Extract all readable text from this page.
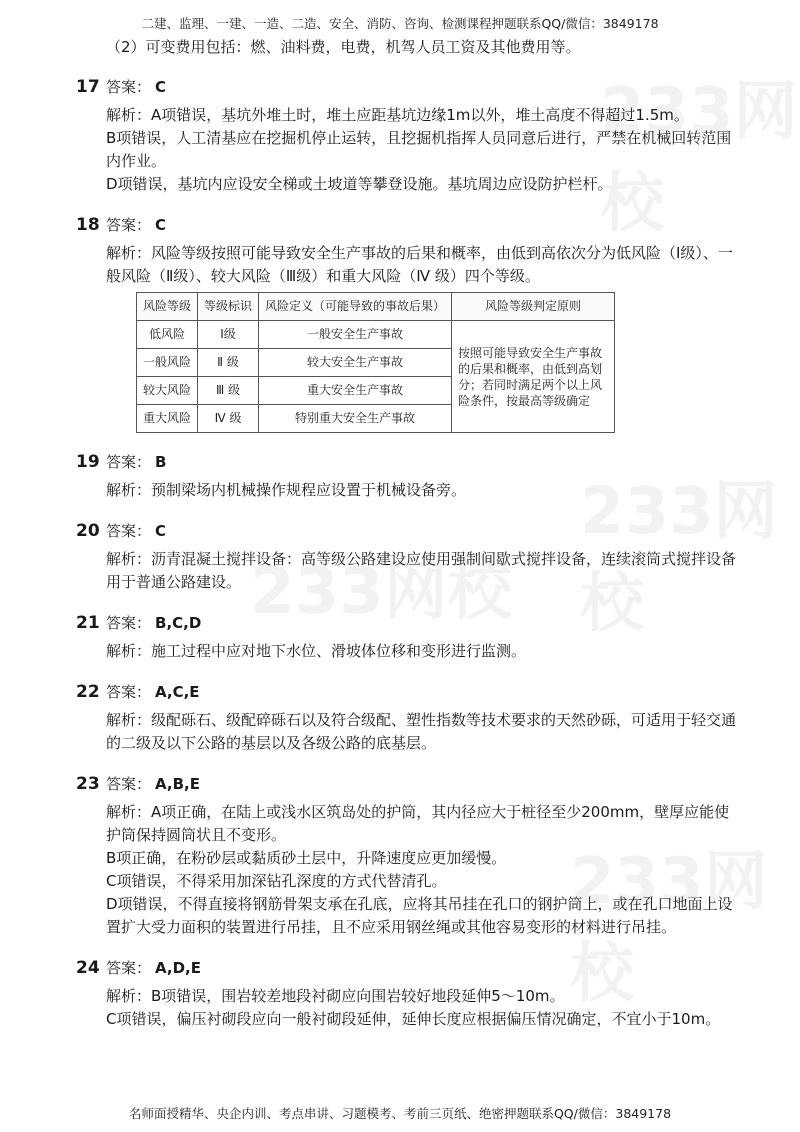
233网校
233网校
233网校
233网校
二建、监理、一建、一造、二造、安全、消防、咨询、检测课程押题联系QQ/微信：3849178

（2）可变费用包括：燃、油料费，电费，机驾人员工资及其他费用等。

17 答案： C

解析：A项错误，基坑外堆土时，堆土应距基坑边缘1m以外，堆土高度不得超过1.5m。

B项错误，人工清基应在挖掘机停止运转，且挖掘机指挥人员同意后进行，严禁在机械回转范围内作业。

D项错误，基坑内应设安全梯或土坡道等攀登设施。基坑周边应设防护栏杆。

18 答案： C

解析：风险等级按照可能导致安全生产事故的后果和概率，由低到高依次分为低风险（Ⅰ级）、一般风险（Ⅱ级）、较大风险（Ⅲ级）和重大风险（Ⅳ 级）四个等级。

风险等级	等级标识	风险定义（可能导致的事故后果）	风险等级判定原则
低风险	Ⅰ级	一般安全生产事故	按照可能导致安全生产事故的后果和概率，由低到高划分；若同时满足两个以上风险条件，按最高等级确定
一般风险	Ⅱ 级	较大安全生产事故	
较大风险	Ⅲ 级	重大安全生产事故	
重大风险	Ⅳ 级	特别重大安全生产事故	
19 答案： B

解析：预制梁场内机械操作规程应设置于机械设备旁。

20 答案： C

解析：沥青混凝土搅拌设备：高等级公路建设应使用强制间歇式搅拌设备，连续滚筒式搅拌设备用于普通公路建设。

21 答案： B,C,D

解析：施工过程中应对地下水位、滑坡体位移和变形进行监测。

22 答案： A,C,E

解析：级配砾石、级配碎砾石以及符合级配、塑性指数等技术要求的天然砂砾，可适用于轻交通的二级及以下公路的基层以及各级公路的底基层。

23 答案： A,B,E

解析：A项正确，在陆上或浅水区筑岛处的护筒，其内径应大于桩径至少200mm，壁厚应能使护筒保持圆筒状且不变形。

B项正确，在粉砂层或黏质砂土层中，升降速度应更加缓慢。

C项错误，不得采用加深钻孔深度的方式代替清孔。

D项错误，不得直接将钢筋骨架支承在孔底，应将其吊挂在孔口的钢护筒上，或在孔口地面上设置扩大受力面积的装置进行吊挂，且不应采用钢丝绳或其他容易变形的材料进行吊挂。

24 答案： A,D,E

解析：B项错误，围岩较差地段衬砌应向围岩较好地段延伸5～10m。

C项错误，偏压衬砌段应向一般衬砌段延伸，延伸长度应根据偏压情况确定，不宜小于10m。

名师面授精华、央企内训、考点串讲、习题模考、考前三页纸、绝密押题联系QQ/微信：3849178
